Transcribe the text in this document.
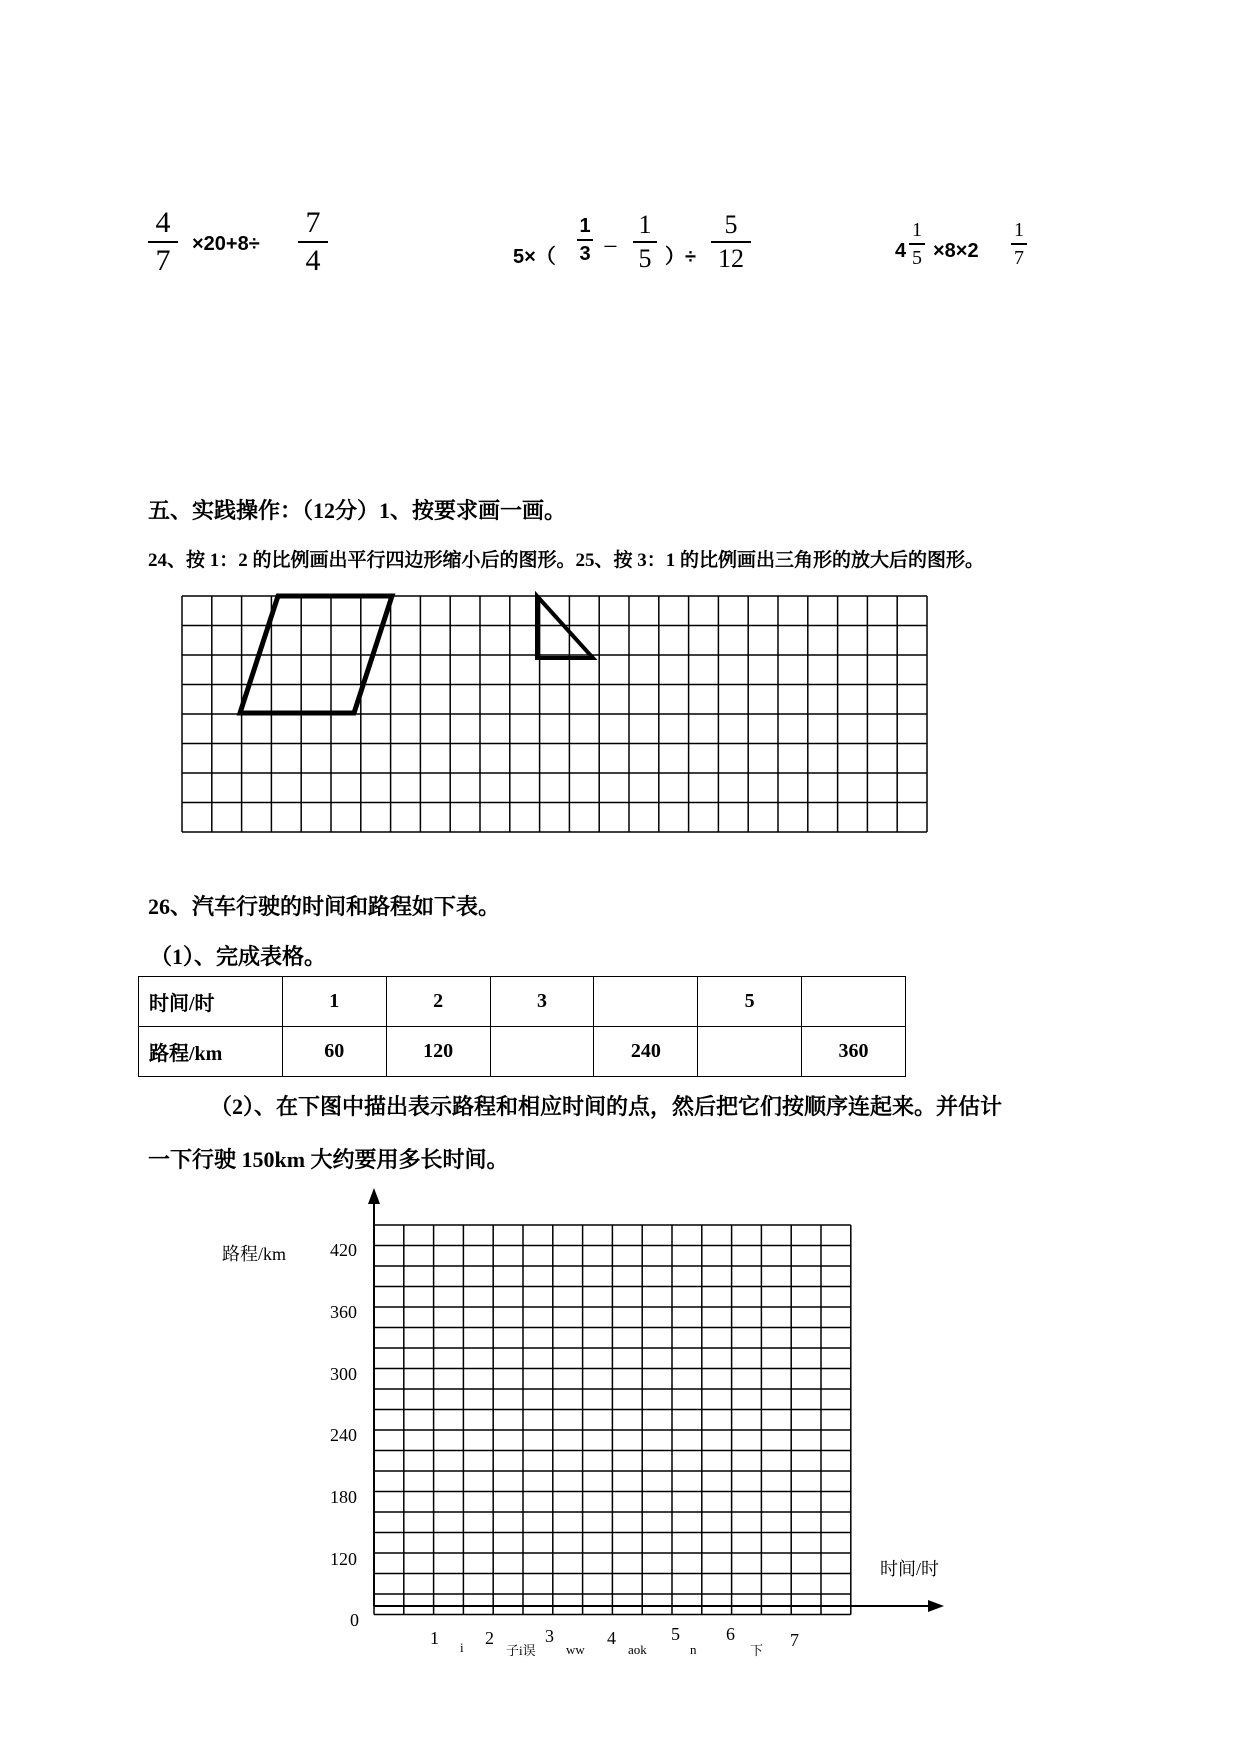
4
7	×20+8÷
7
4	5×（
1
3 −
1
5 ）÷
5
12	4
1
5 ×8×2
1
7
五、实践操作：（12分）1、按要求画一画。
24、按 1：2 的比例画出平行四边形缩小后的图形。25、按 3：1 的比例画出三角形的放大后的图形。
26、汽车行驶的时间和路程如下表。
（1）、完成表格。
时间/时	1	2	3		5	
路程/km	60	120		240		360
（2）、在下图中描出表示路程和相应时间的点，然后把它们按顺序连起来。并估计
一下行驶 150km 大约要用多长时间。
路程/km
时间/时
420
360
300
240
180
120
0
1	2	3	4	5	6	7
i	子i误 ww	aok	n	下
